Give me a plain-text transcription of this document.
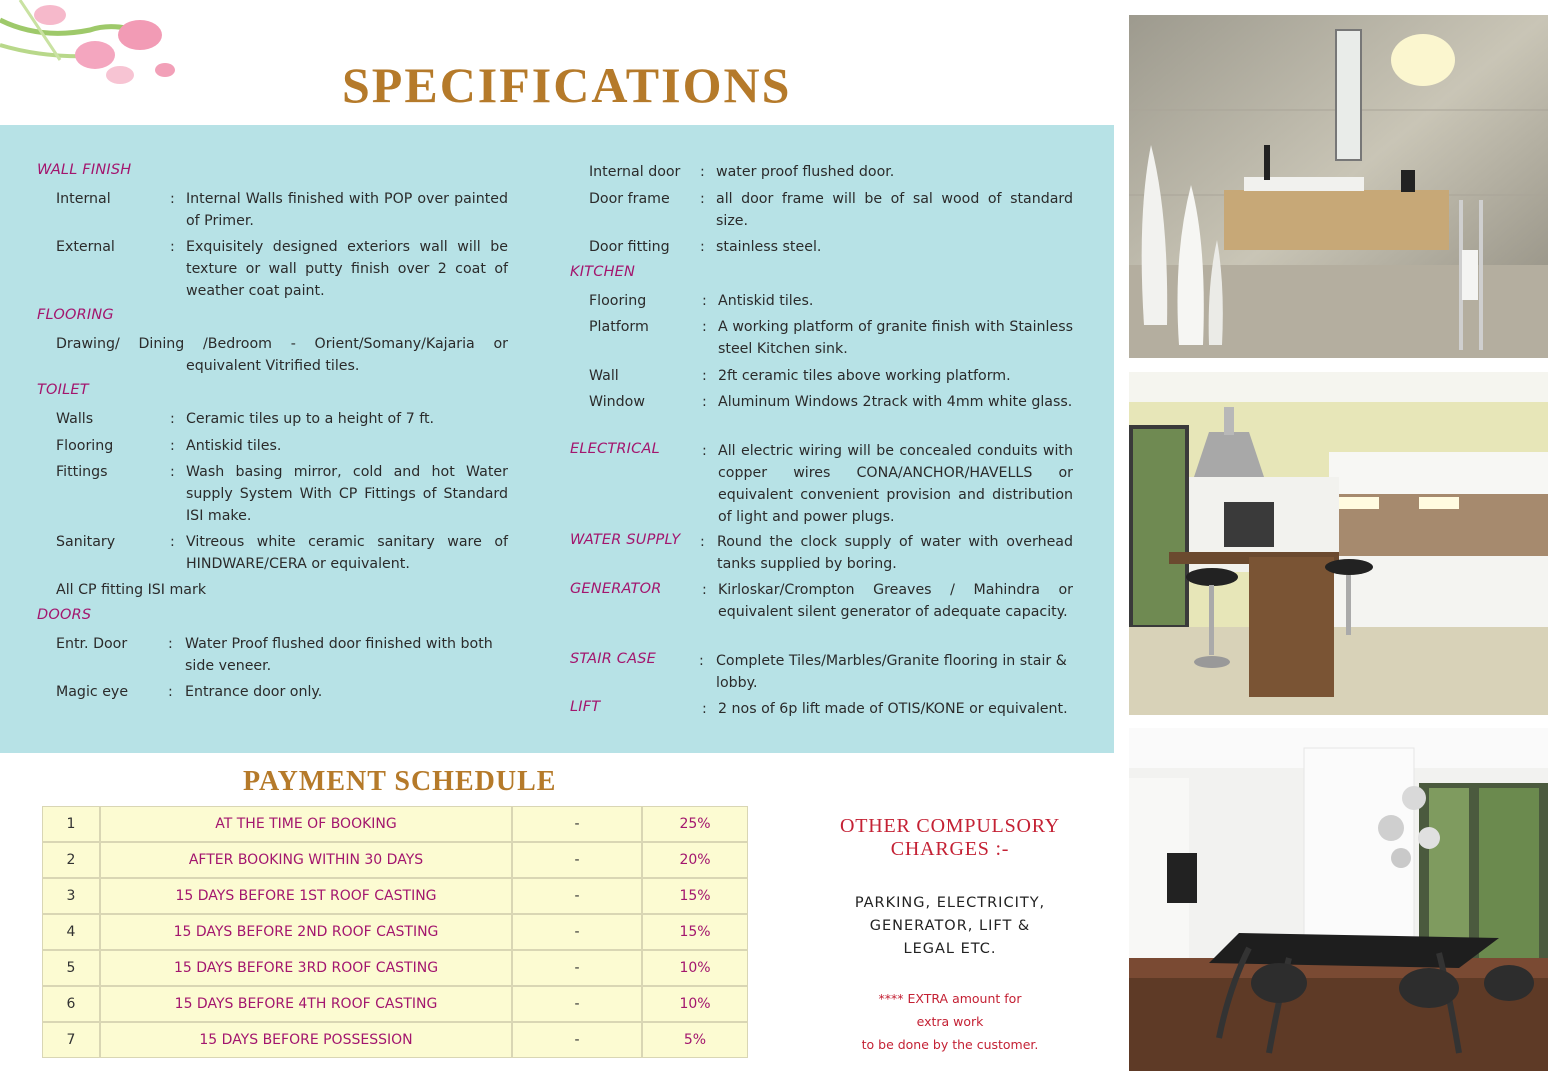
SPECIFICATIONS
WALL FINISH
Internal	: Internal Walls finished with POP over painted of Primer.
External	: Exquisitely designed exteriors wall will be texture or wall putty finish over 2 coat of weather coat paint.
FLOORING
Drawing/ Dining /Bedroom - Orient/Somany/Kajaria or
equivalent Vitrified tiles.
TOILET
Walls	: Ceramic tiles up to a height of 7 ft.
Flooring	: Antiskid tiles.
Fittings	: Wash basing mirror, cold and hot Water supply System With CP Fittings of Standard ISI make.
Sanitary	: Vitreous white ceramic sanitary ware of HINDWARE/CERA or equivalent.
All CP fitting ISI mark
DOORS
Entr. Door	: Water Proof flushed door finished with both side veneer.
Magic eye	: Entrance door only.
Internal door : water proof flushed door.
Door frame : all door frame will be of sal wood of standard size.
Door fitting : stainless steel.
KITCHEN
Flooring	: Antiskid tiles.
Platform	: A working platform of granite finish with Stainless steel Kitchen sink.
Wall	: 2ft ceramic tiles above working platform.
Window	: Aluminum Windows 2track with 4mm white glass.
ELECTRICAL	: All electric wiring will be concealed conduits with copper wires CONA/ANCHOR/HAVELLS or equivalent convenient provision and distribution of light and power plugs.
WATER SUPPLY : Round the clock supply of water with overhead tanks supplied by boring.
GENERATOR	: Kirloskar/Crompton Greaves / Mahindra or equivalent silent generator of adequate capacity.
STAIR CASE	: Complete Tiles/Marbles/Granite flooring in stair & lobby.
LIFT	: 2 nos of 6p lift made of OTIS/KONE or equivalent.
PAYMENT SCHEDULE
1	AT THE TIME OF BOOKING	-	25%
2	AFTER BOOKING WITHIN 30 DAYS	-	20%
3	15 DAYS BEFORE 1ST ROOF CASTING	-	15%
4	15 DAYS BEFORE 2ND ROOF CASTING	-	15%
5	15 DAYS BEFORE 3RD ROOF CASTING	-	10%
6	15 DAYS BEFORE 4TH ROOF CASTING	-	10%
7	15 DAYS BEFORE POSSESSION	-	5%
OTHER COMPULSORY
CHARGES :-
PARKING, ELECTRICITY,
GENERATOR, LIFT &
LEGAL ETC.
**** EXTRA amount for
extra work
to be done by the customer.
